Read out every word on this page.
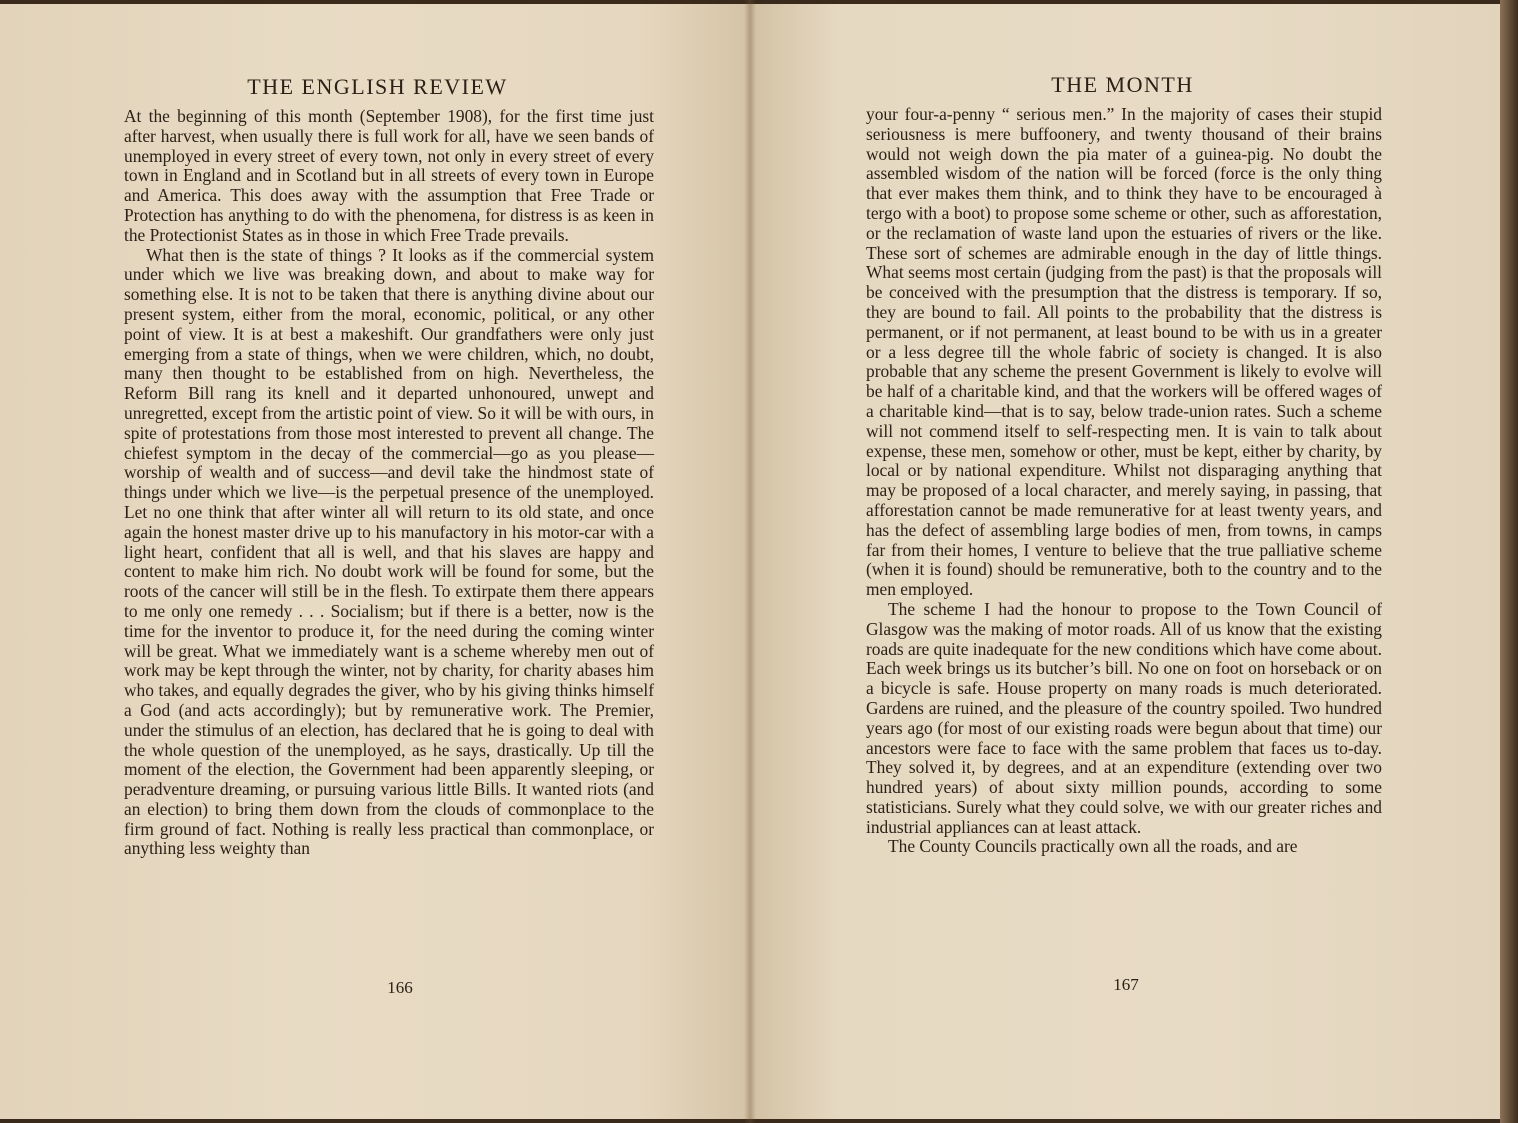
THE ENGLISH REVIEW

At the beginning of this month (September 1908), for the first time just after harvest, when usually there is full work for all, have we seen bands of unemployed in every street of every town, not only in every street of every town in England and in Scotland but in all streets of every town in Europe and America. This does away with the assumption that Free Trade or Protection has anything to do with the phenomena, for distress is as keen in the Protectionist States as in those in which Free Trade prevails.

What then is the state of things ? It looks as if the commercial system under which we live was breaking down, and about to make way for something else. It is not to be taken that there is anything divine about our present system, either from the moral, economic, political, or any other point of view. It is at best a makeshift. Our grandfathers were only just emerging from a state of things, when we were children, which, no doubt, many then thought to be established from on high. Nevertheless, the Reform Bill rang its knell and it departed unhonoured, unwept and unregretted, except from the artistic point of view. So it will be with ours, in spite of protestations from those most interested to prevent all change. The chiefest symptom in the decay of the commercial—go as you please—worship of wealth and of success—and devil take the hindmost state of things under which we live—is the perpetual presence of the unemployed. Let no one think that after winter all will return to its old state, and once again the honest master drive up to his manufactory in his motor-car with a light heart, confident that all is well, and that his slaves are happy and content to make him rich. No doubt work will be found for some, but the roots of the cancer will still be in the flesh. To extirpate them there appears to me only one remedy . . . Socialism; but if there is a better, now is the time for the inventor to produce it, for the need during the coming winter will be great. What we immediately want is a scheme whereby men out of work may be kept through the winter, not by charity, for charity abases him who takes, and equally degrades the giver, who by his giving thinks himself a God (and acts accordingly); but by remunerative work. The Premier, under the stimulus of an election, has declared that he is going to deal with the whole question of the unemployed, as he says, drastically. Up till the moment of the election, the Government had been apparently sleeping, or peradventure dreaming, or pursuing various little Bills. It wanted riots (and an election) to bring them down from the clouds of commonplace to the firm ground of fact. Nothing is really less practical than commonplace, or anything less weighty than

166
THE MONTH

your four-a-penny “ serious men.” In the majority of cases their stupid seriousness is mere buffoonery, and twenty thousand of their brains would not weigh down the pia mater of a guinea-pig. No doubt the assembled wisdom of the nation will be forced (force is the only thing that ever makes them think, and to think they have to be encouraged à tergo with a boot) to propose some scheme or other, such as afforestation, or the reclamation of waste land upon the estuaries of rivers or the like. These sort of schemes are admirable enough in the day of little things. What seems most certain (judging from the past) is that the proposals will be conceived with the presumption that the distress is temporary. If so, they are bound to fail. All points to the probability that the distress is permanent, or if not permanent, at least bound to be with us in a greater or a less degree till the whole fabric of society is changed. It is also probable that any scheme the present Government is likely to evolve will be half of a charitable kind, and that the workers will be offered wages of a charitable kind—that is to say, below trade-union rates. Such a scheme will not commend itself to self-respecting men. It is vain to talk about expense, these men, somehow or other, must be kept, either by charity, by local or by national expenditure. Whilst not disparaging anything that may be proposed of a local character, and merely saying, in passing, that afforestation cannot be made remunerative for at least twenty years, and has the defect of assembling large bodies of men, from towns, in camps far from their homes, I venture to believe that the true palliative scheme (when it is found) should be remunerative, both to the country and to the men employed.

The scheme I had the honour to propose to the Town Council of Glasgow was the making of motor roads. All of us know that the existing roads are quite inadequate for the new conditions which have come about. Each week brings us its butcher’s bill. No one on foot on horseback or on a bicycle is safe. House property on many roads is much deteriorated. Gardens are ruined, and the pleasure of the country spoiled. Two hundred years ago (for most of our existing roads were begun about that time) our ancestors were face to face with the same problem that faces us to-day. They solved it, by degrees, and at an expenditure (extending over two hundred years) of about sixty million pounds, according to some statisticians. Surely what they could solve, we with our greater riches and industrial appliances can at least attack.

The County Councils practically own all the roads, and are

167
